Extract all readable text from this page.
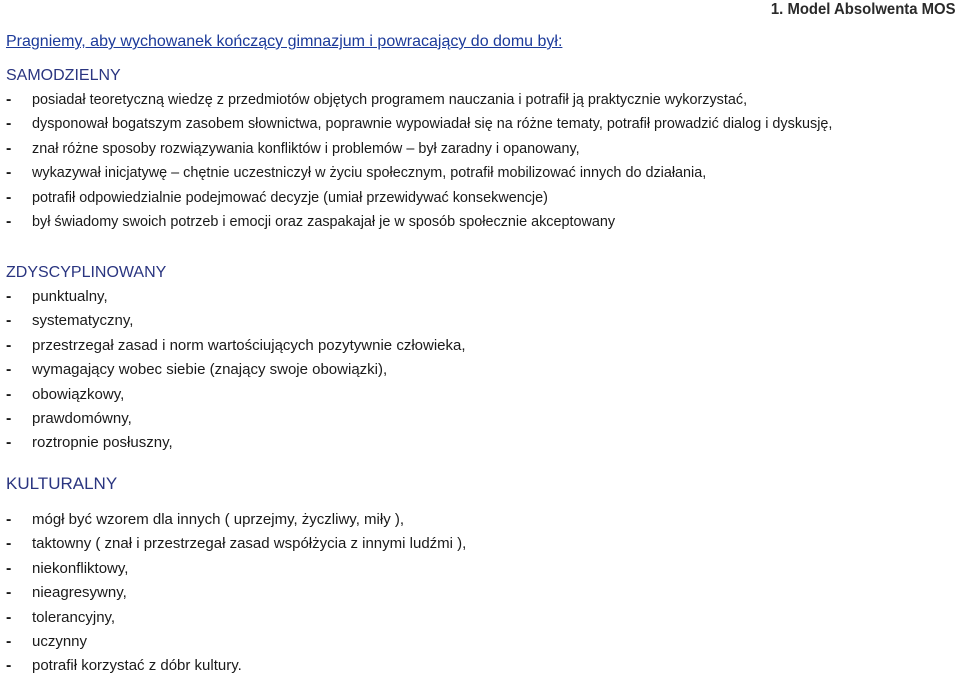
1. Model Absolwenta MOS
Pragniemy, aby wychowanek kończący gimnazjum i powracający do domu był:
SAMODZIELNY
- posiadał teoretyczną wiedzę z przedmiotów objętych programem nauczania i potrafił ją praktycznie wykorzystać,
- dysponował bogatszym zasobem słownictwa, poprawnie wypowiadał się na różne tematy, potrafił prowadzić dialog i dyskusję,
- znał różne sposoby rozwiązywania konfliktów i problemów – był zaradny i opanowany,
- wykazywał inicjatywę – chętnie uczestniczył w życiu społecznym, potrafił mobilizować innych do działania,
- potrafił odpowiedzialnie podejmować decyzje (umiał przewidywać konsekwencje)
- był świadomy swoich potrzeb i emocji oraz zaspakajał je w sposób społecznie akceptowany
ZDYSCYPLINOWANY
- punktualny,
- systematyczny,
- przestrzegał zasad i norm wartościujących pozytywnie człowieka,
- wymagający wobec siebie (znający swoje obowiązki),
- obowiązkowy,
- prawdomówny,
- roztropnie posłuszny,
KULTURALNY
- mógł być wzorem dla innych ( uprzejmy, życzliwy, miły ),
- taktowny ( znał i przestrzegał zasad współżycia z innymi ludźmi ),
- niekonfliktowy,
- nieagresywny,
- tolerancyjny,
- uczynny
- potrafił korzystać z dóbr kultury.
